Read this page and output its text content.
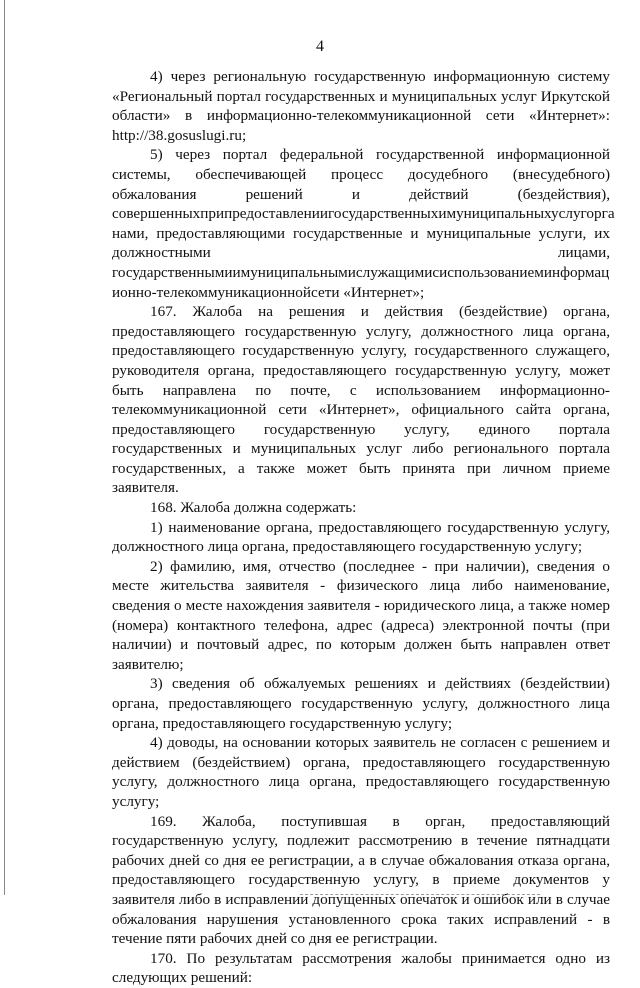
4

4) через региональную государственную информационную систему «Региональный портал государственных и муниципальных услуг Иркутской области» в информационно-телекоммуникационной сети «Интернет»: http://38.gosuslugi.ru;

5) через портал федеральной государственной информационной системы, обеспечивающей процесс досудебного (внесудебного) обжалования решений и действий (бездействия), совершенныхприпредоставлениигосударственныхимуниципальныхуслугорга нами, предоставляющими государственные и муниципальные услуги, их должностными лицами, государственнымиимуниципальнымислужащимисиспользованиеминформац ионно-телекоммуникационнойсети «Интернет»;

167. Жалоба на решения и действия (бездействие) органа, предоставляющего государственную услугу, должностного лица органа, предоставляющего государственную услугу, государственного служащего, руководителя органа, предоставляющего государственную услугу, может быть направлена по почте, с использованием информационно-телекоммуникационной сети «Интернет», официального сайта органа, предоставляющего государственную услугу, единого портала государственных и муниципальных услуг либо регионального портала государственных, а также может быть принята при личном приеме заявителя.

168. Жалоба должна содержать:

1) наименование органа, предоставляющего государственную услугу, должностного лица органа, предоставляющего государственную услугу;

2) фамилию, имя, отчество (последнее - при наличии), сведения о месте жительства заявителя - физического лица либо наименование, сведения о месте нахождения заявителя - юридического лица, а также номер (номера) контактного телефона, адрес (адреса) электронной почты (при наличии) и почтовый адрес, по которым должен быть направлен ответ заявителю;

3) сведения об обжалуемых решениях и действиях (бездействии) органа, предоставляющего государственную услугу, должностного лица органа, предоставляющего государственную услугу;

4) доводы, на основании которых заявитель не согласен с решением и действием (бездействием) органа, предоставляющего государственную услугу, должностного лица органа, предоставляющего государственную услугу;

169. Жалоба, поступившая в орган, предоставляющий государственную услугу, подлежит рассмотрению в течение пятнадцати рабочих дней со дня ее регистрации, а в случае обжалования отказа органа, предоставляющего государственную услугу, в приеме документов у заявителя либо в исправлении допущенных опечаток и ошибок или в случае обжалования нарушения установленного срока таких исправлений - в течение пяти рабочих дней со дня ее регистрации.

170. По результатам рассмотрения жалобы принимается одно из следующих решений:
